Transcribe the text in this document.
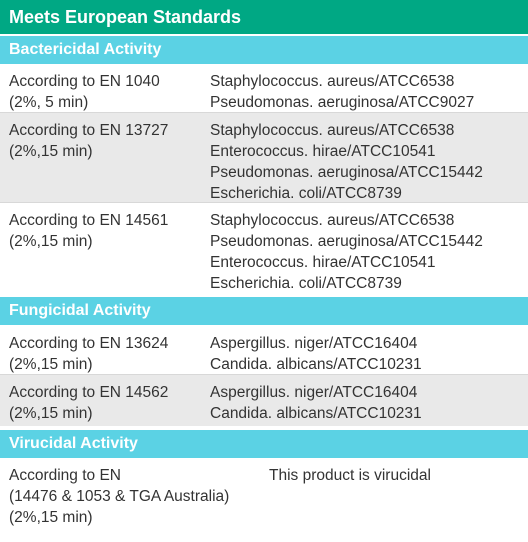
Meets European Standards
Bactericidal Activity
According to EN 1040
(2%, 5 min)
Staphylococcus. aureus/ATCC6538
Pseudomonas. aeruginosa/ATCC9027
According to EN 13727
(2%,15 min)
Staphylococcus. aureus/ATCC6538
Enterococcus. hirae/ATCC10541
Pseudomonas. aeruginosa/ATCC15442
Escherichia. coli/ATCC8739
According to EN 14561
(2%,15 min)
Staphylococcus. aureus/ATCC6538
Pseudomonas. aeruginosa/ATCC15442
Enterococcus. hirae/ATCC10541
Escherichia. coli/ATCC8739
Fungicidal Activity
According to EN 13624
(2%,15 min)
Aspergillus. niger/ATCC16404
Candida. albicans/ATCC10231
According to EN 14562
(2%,15 min)
Aspergillus. niger/ATCC16404
Candida. albicans/ATCC10231
Virucidal Activity
According to EN
(14476 & 1053 & TGA Australia)
(2%,15 min)
This product is virucidal
